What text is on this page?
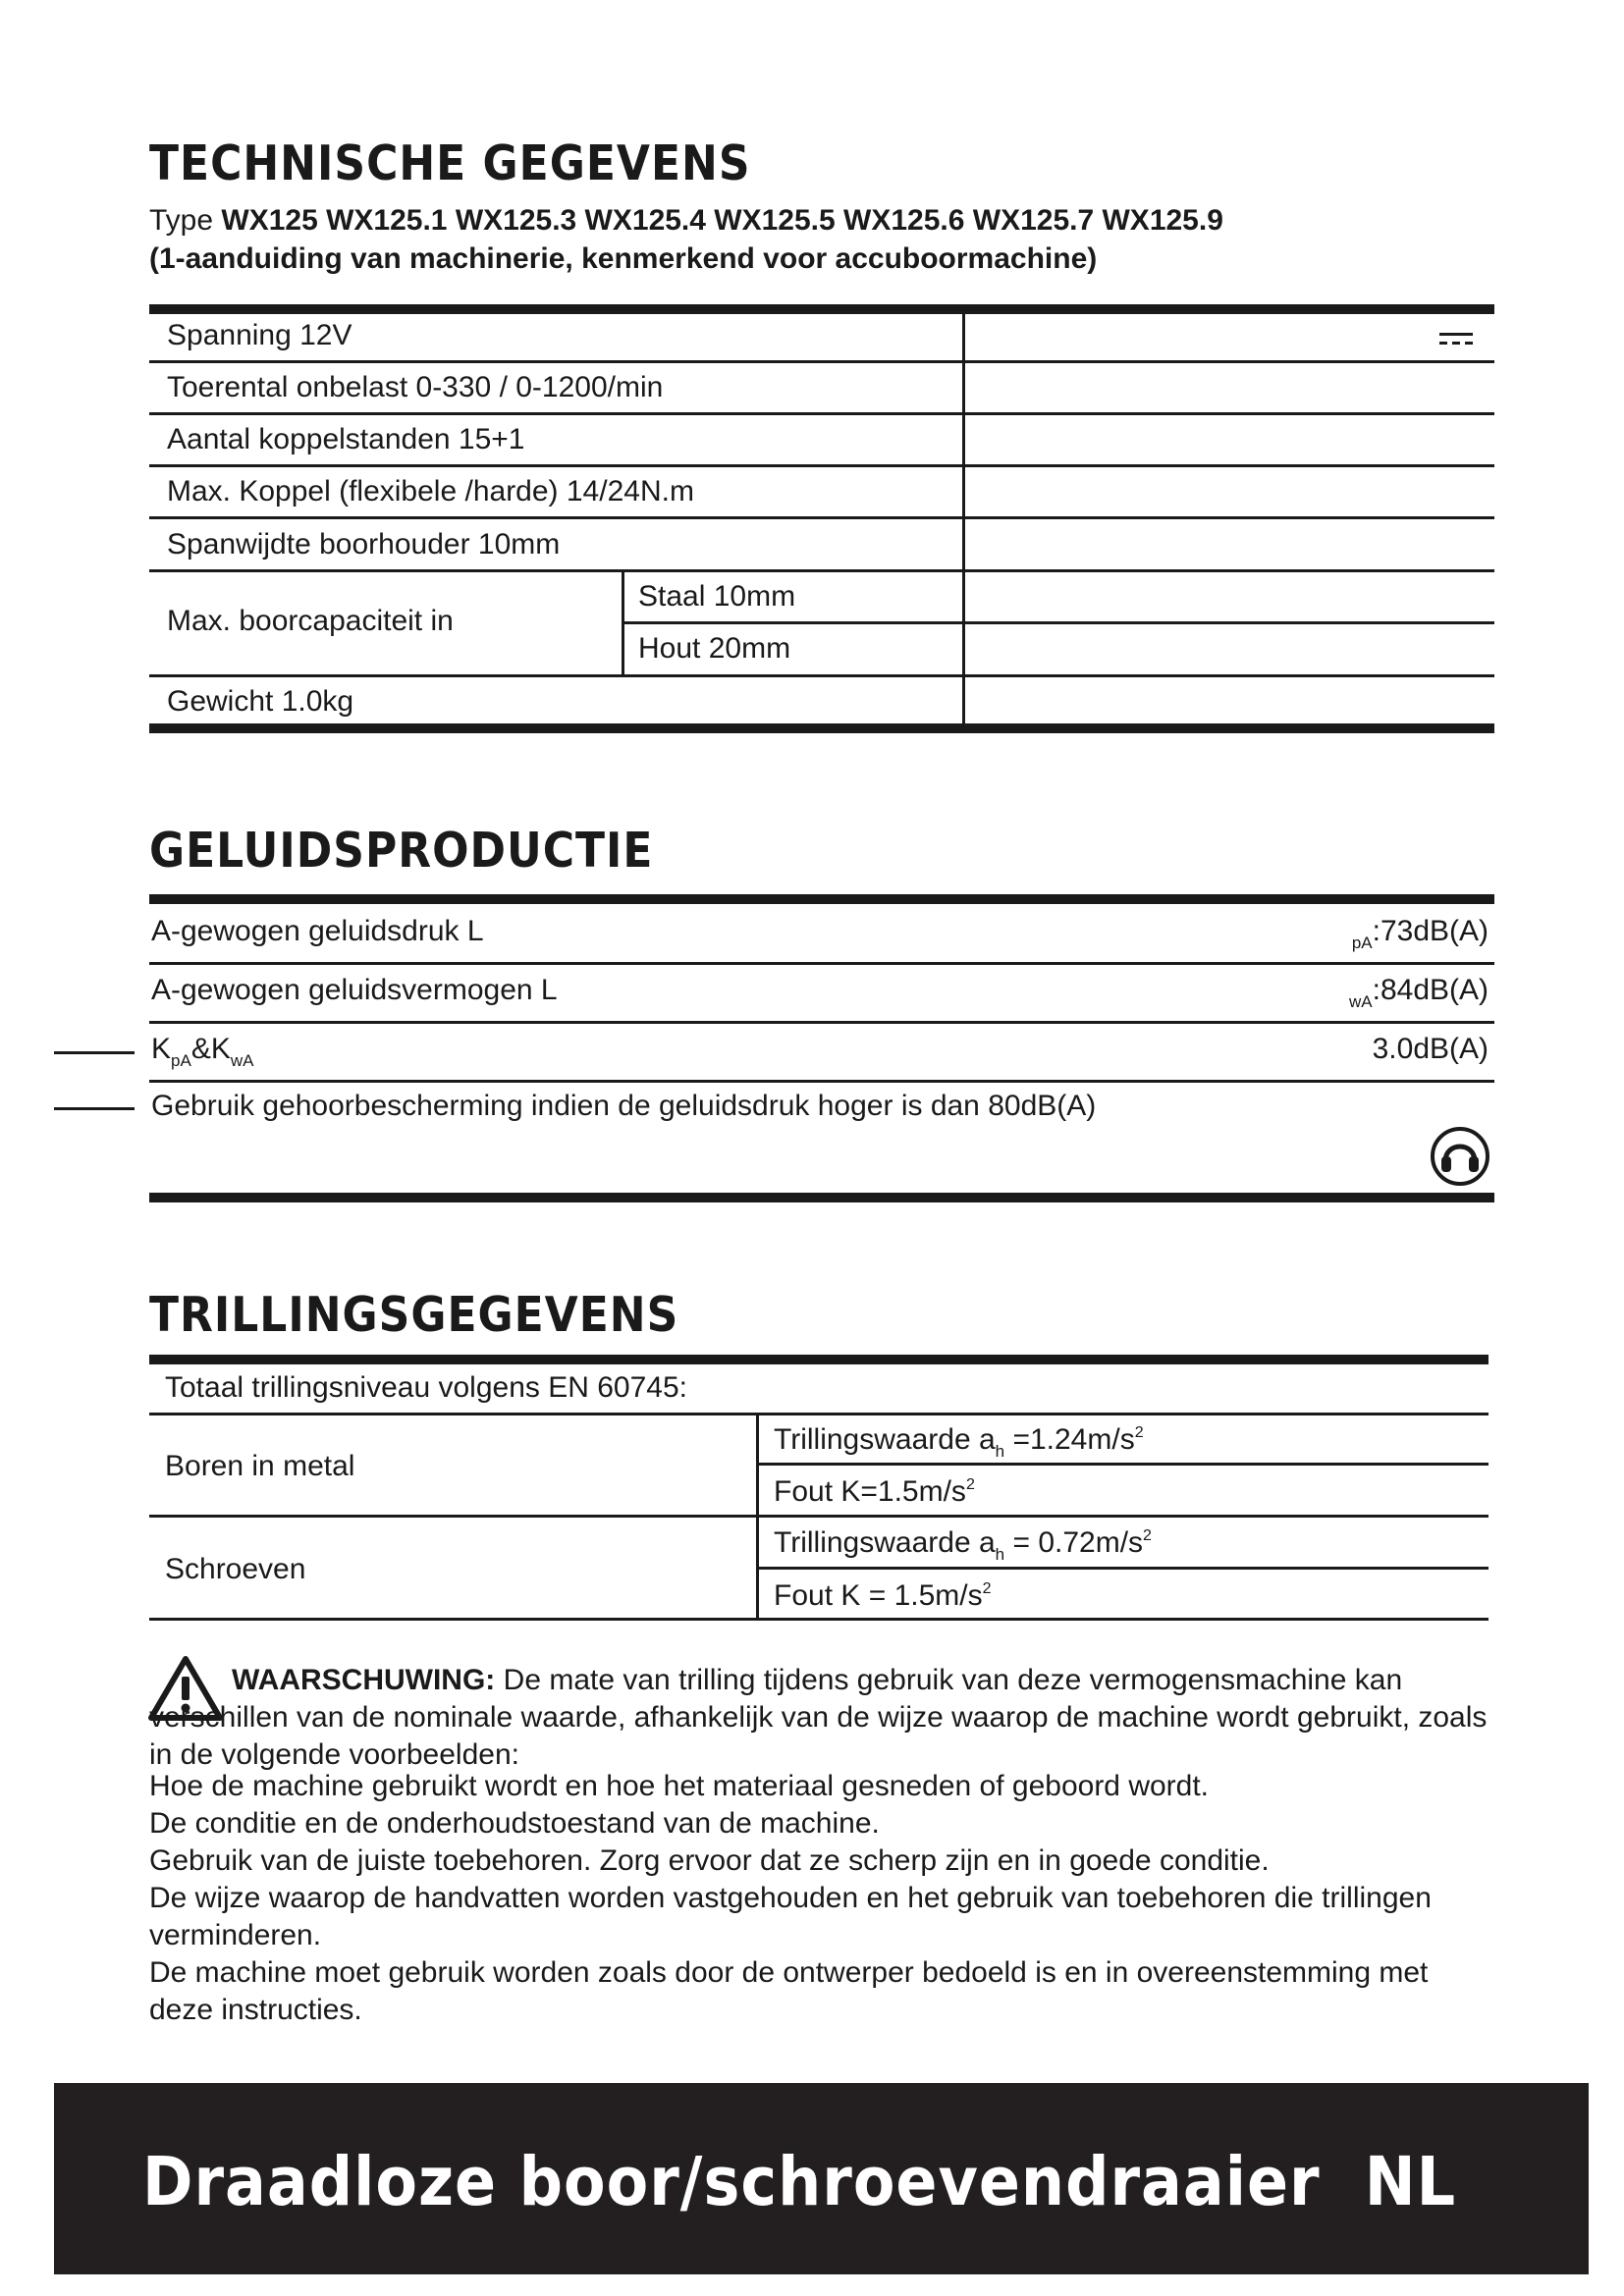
TECHNISCHE GEGEVENS
Type WX125 WX125.1 WX125.3 WX125.4 WX125.5 WX125.6 WX125.7 WX125.9
(1-aanduiding van machinerie, kenmerkend voor accuboormachine)
Spanning 12V
Toerental onbelast 0-330 / 0-1200/min
Aantal koppelstanden 15+1
Max. Koppel (flexibele /harde) 14/24N.m
Spanwijdte boorhouder 10mm
Max. boorcapaciteit in
Staal 10mm
Hout 20mm
Gewicht 1.0kg
GELUIDSPRODUCTIE
A-gewogen geluidsdruk L	$_{pA}$:73dB(A)
A-gewogen geluidsvermogen L	$_{wA}$:84dB(A)
$K_{pA}\&K_{wA}$	3.0dB(A)
Gebruik gehoorbescherming indien de geluidsdruk hoger is dan 80dB(A)
TRILLINGSGEGEVENS
Totaal trillingsniveau volgens EN 60745:
Boren in metal
Trillingswaarde $a_h =1.24m/s^2$
Fout $K=1.5m/s^2$
Schroeven
Trillingswaarde $a_h = 0.72m/s^2$
Fout $K = 1.5m/s^2$
WAARSCHUWING: De mate van trilling tijdens gebruik van deze vermogensmachine kan verschillen van de nominale waarde, afhankelijk van de wijze waarop de machine wordt gebruikt, zoals in de volgende voorbeelden:
Hoe de machine gebruikt wordt en hoe het materiaal gesneden of geboord wordt.
De conditie en de onderhoudstoestand van de machine.
Gebruik van de juiste toebehoren. Zorg ervoor dat ze scherp zijn en in goede conditie.
De wijze waarop de handvatten worden vastgehouden en het gebruik van toebehoren die trillingen verminderen.
De machine moet gebruik worden zoals door de ontwerper bedoeld is en in overeenstemming met deze instructies.
Draadloze boor/schroevendraaier  NL
